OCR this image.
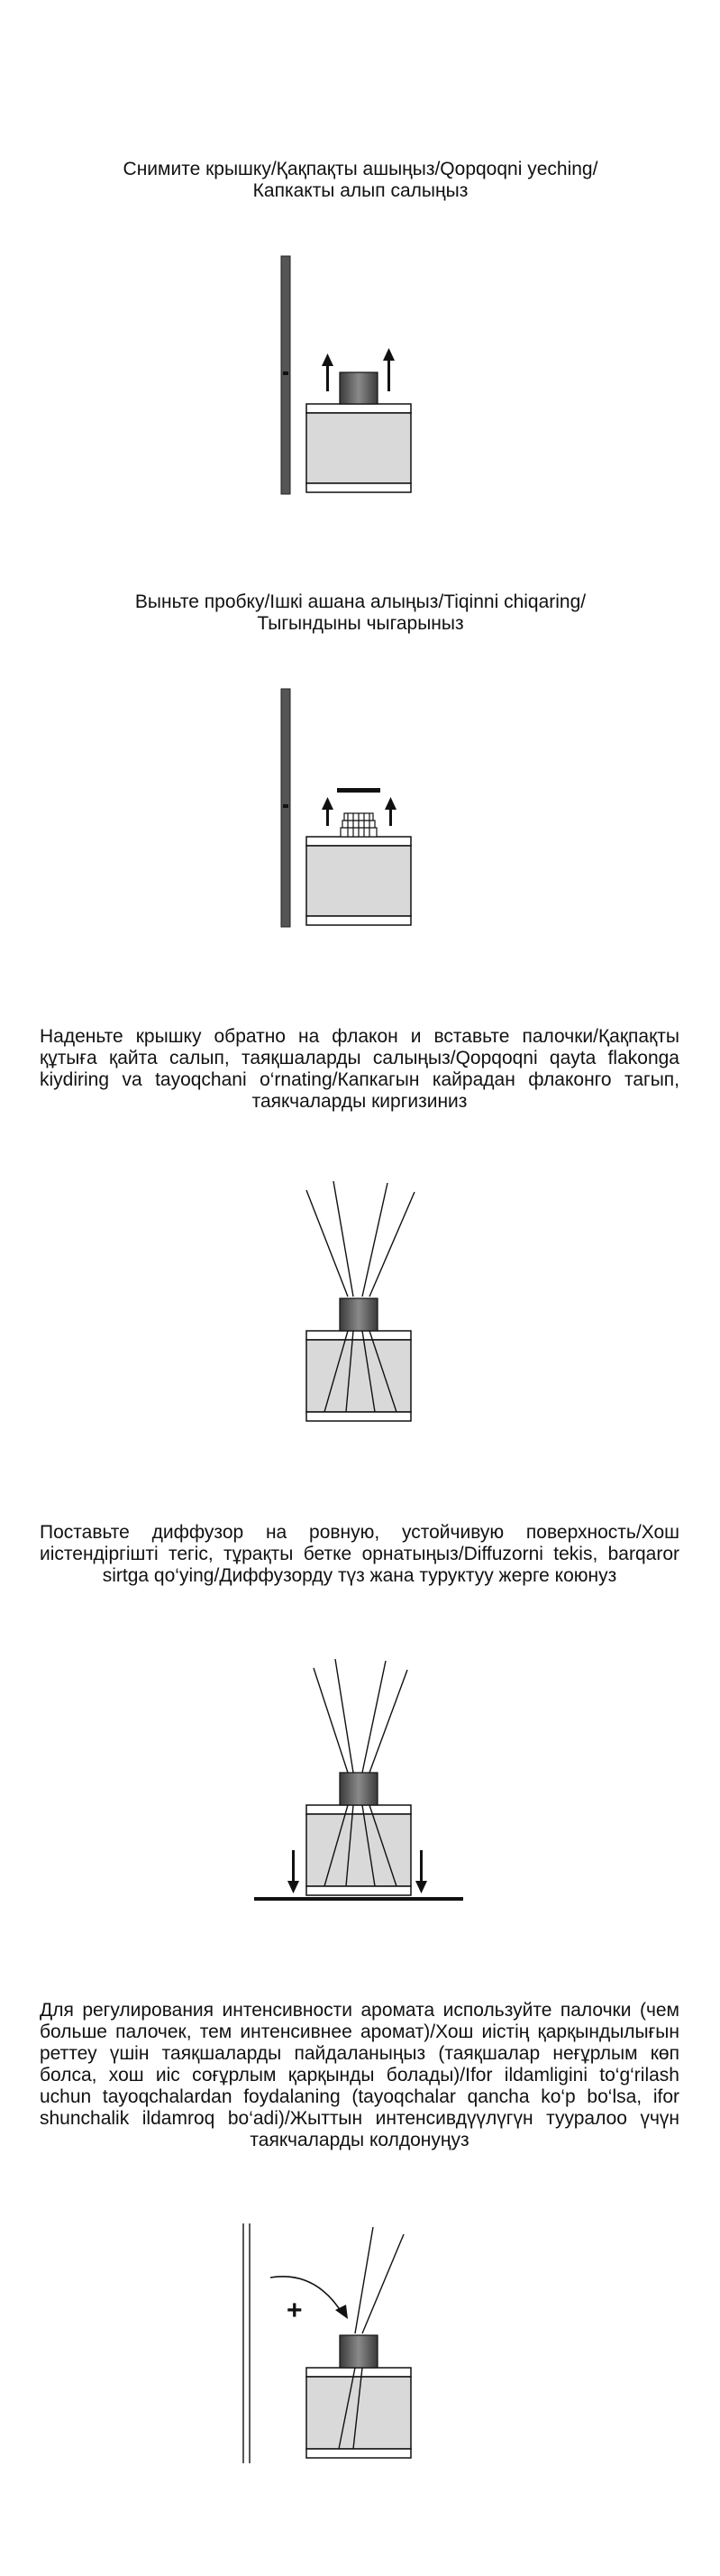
Снимите крышку/Қақпақты ашыңыз/Qopqoqni yeching/Капкакты алып салыңыз
Выньте пробку/Ішкі ашана алыңыз/Tiqinni chiqaring/Тыгындыны чыгарыныз
Наденьте крышку обратно на флакон и вставьте палочки/Қақпақты құтыға қайта салып, таяқшаларды салыңыз/Qopqoqni qayta flakonga kiydiring va tayoqchani o‘rnating/Капкагын кайрадан флаконго тагып, таякчаларды киргизиниз
Поставьте диффузор на ровную, устойчивую поверхность/Хош иістендіргішті тегіс, тұрақты бетке орнатыңыз/Diffuzorni tekis, barqaror sirtga qo‘ying/Диффузорду түз жана туруктуу жерге коюнуз
Для регулирования интенсивности аромата используйте палочки (чем больше палочек, тем интенсивнее аромат)/Хош иістің қарқындылығын реттеу үшін таяқшаларды пайдаланыңыз (таяқшалар неғұрлым көп болса, хош иіс соғұрлым қарқынды болады)/Ifor ildamligini to‘g‘rilash uchun tayoqchalardan foydalaning (tayoqchalar qancha ko‘p bo‘lsa, ifor shunchalik ildamroq bo‘adi)/Жыттын интенсивдүүлүгүн тууралоо үчүн таякчаларды колдонуңуз
+
